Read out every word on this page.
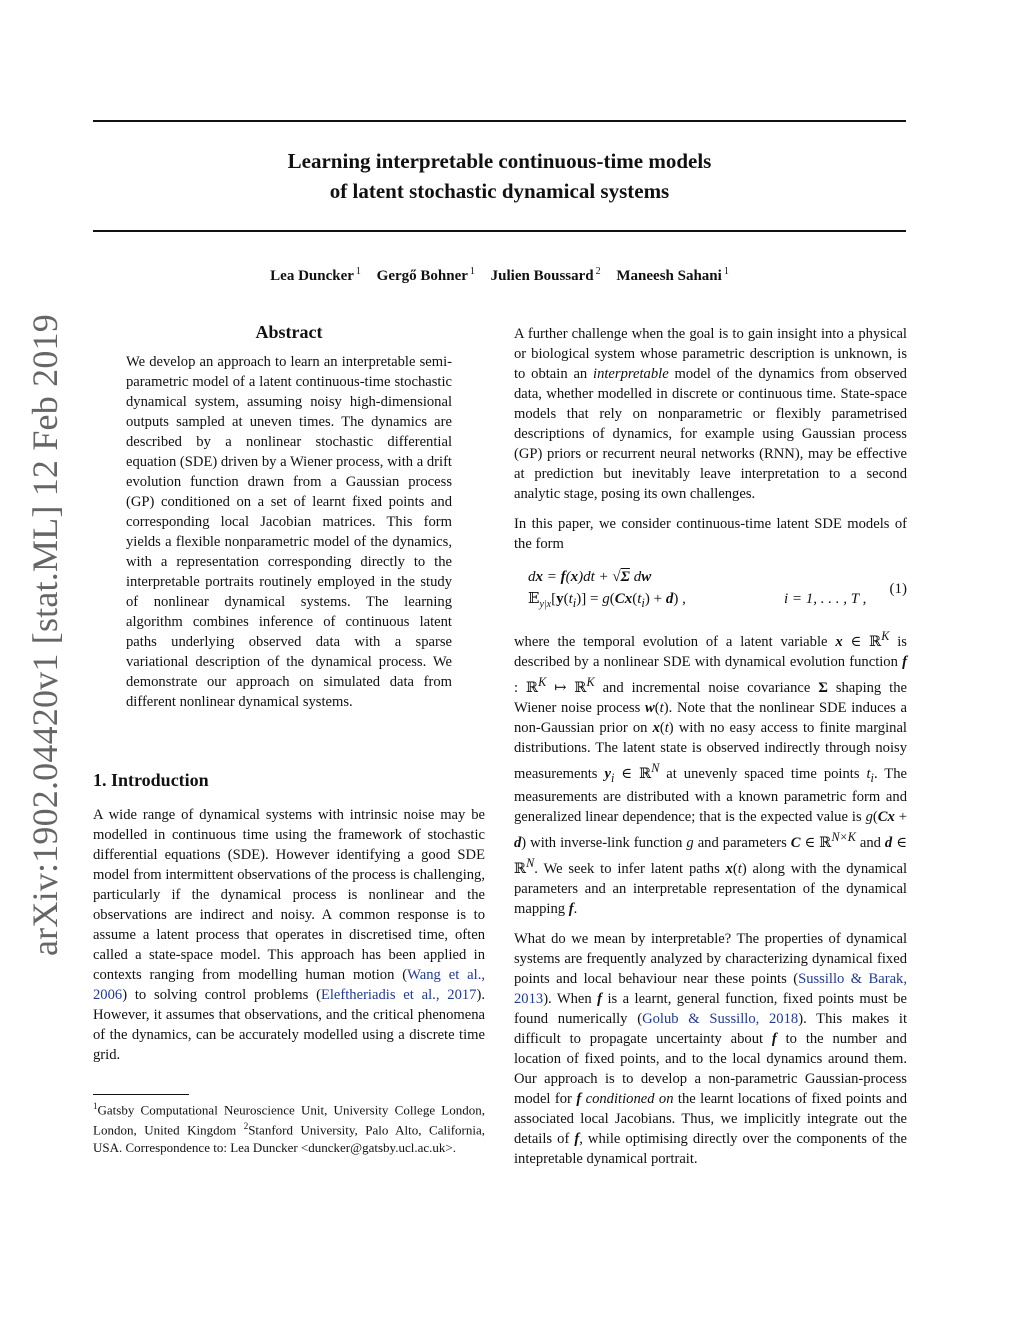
Learning interpretable continuous-time models
of latent stochastic dynamical systems
Lea Duncker $^1$ Gergő Bohner $^1$ Julien Boussard $^2$ Maneesh Sahani $^1$
arXiv:1902.04420v1 [stat.ML] 12 Feb 2019	Abstract
We develop an approach to learn an interpretable semi-parametric model of a latent continuous-time stochastic dynamical system, assuming noisy high-dimensional outputs sampled at uneven times. The dynamics are described by a nonlinear stochastic differential equation (SDE) driven by a Wiener process, with a drift evolution function drawn from a Gaussian process (GP) conditioned on a set of learnt fixed points and corresponding local Jacobian matrices. This form yields a flexible nonparametric model of the dynamics, with a representation corresponding directly to the interpretable portraits routinely employed in the study of nonlinear dynamical systems. The learning algorithm combines inference of continuous latent paths underlying observed data with a sparse variational description of the dynamical process. We demonstrate our approach on simulated data from different nonlinear dynamical systems.
1. Introduction
A wide range of dynamical systems with intrinsic noise may be modelled in continuous time using the framework of stochastic differential equations (SDE). However identifying a good SDE model from intermittent observations of the process is challenging, particularly if the dynamical process is nonlinear and the observations are indirect and noisy. A common response is to assume a latent process that operates in discretised time, often called a state-space model. This approach has been applied in contexts ranging from modelling human motion (Wang et al., 2006) to solving control problems (Eleftheriadis et al., 2017). However, it assumes that observations, and the critical phenomena of the dynamics, can be accurately modelled using a discrete time grid.
$^1$Gatsby Computational Neuroscience Unit, University College London, London, United Kingdom $^2$Stanford University, Palo Alto, California, USA. Correspondence to: Lea Duncker <duncker@gatsby.ucl.ac.uk>.

A further challenge when the goal is to gain insight into a physical or biological system whose parametric description is unknown, is to obtain an interpretable model of the dynamics from observed data, whether modelled in discrete or continuous time. State-space models that rely on nonparametric or flexibly parametrised descriptions of dynamics, for example using Gaussian process (GP) priors or recurrent neural networks (RNN), may be effective at prediction but inevitably leave interpretation to a second analytic stage, posing its own challenges.

In this paper, we consider continuous-time latent SDE models of the form

dx = f(x)dt + √Σ dw
$𝔼_{y|x}[y(t_i)] = g(Cx(t_i) + d)$ ,	i = 1, . . . , T ,
(1)

where the temporal evolution of a latent variable x ∈ ℝ$^K$ is described by a nonlinear SDE with dynamical evolution function f : ℝ$^K$ ↦ ℝ$^K$ and incremental noise covariance Σ shaping the Wiener noise process w(t). Note that the nonlinear SDE induces a non-Gaussian prior on x(t) with no easy access to finite marginal distributions. The latent state is observed indirectly through noisy measurements $y_i$ ∈ ℝ$^N$ at unevenly spaced time points $t_i$. The measurements are distributed with a known parametric form and generalized linear dependence; that is the expected value is g(Cx + d) with inverse-link function g and parameters C ∈ ℝ$^{N\times K}$ and d ∈ ℝ$^N$. We seek to infer latent paths x(t) along with the dynamical parameters and an interpretable representation of the dynamical mapping f.

What do we mean by interpretable? The properties of dynamical systems are frequently analyzed by characterizing dynamical fixed points and local behaviour near these points (Sussillo & Barak, 2013). When f is a learnt, general function, fixed points must be found numerically (Golub & Sussillo, 2018). This makes it difficult to propagate uncertainty about f to the number and location of fixed points, and to the local dynamics around them. Our approach is to develop a non-parametric Gaussian-process model for f conditioned on the learnt locations of fixed points and associated local Jacobians. Thus, we implicitly integrate out the details of f, while optimising directly over the components of the intepretable dynamical portrait.
